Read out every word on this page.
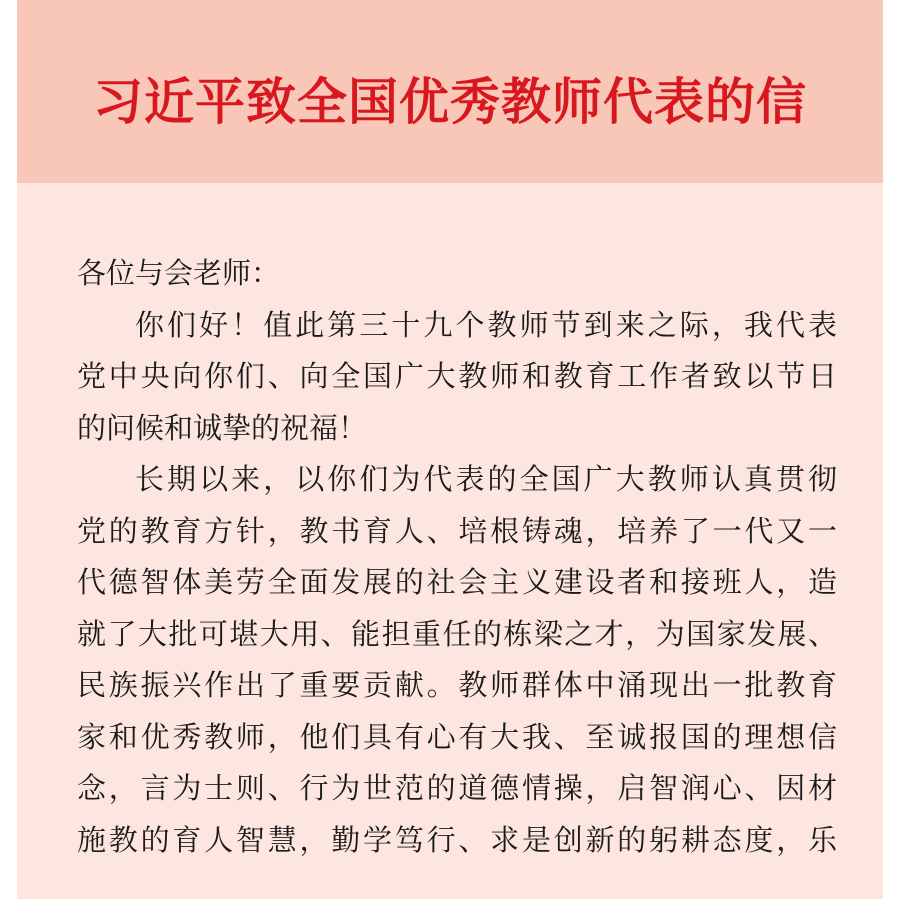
习近平致全国优秀教师代表的信
各位与会老师：
你们好！值此第三十九个教师节到来之际，我代表
党中央向你们、向全国广大教师和教育工作者致以节日
的问候和诚挚的祝福！
长期以来，以你们为代表的全国广大教师认真贯彻
党的教育方针，教书育人、培根铸魂，培养了一代又一
代德智体美劳全面发展的社会主义建设者和接班人，造
就了大批可堪大用、能担重任的栋梁之才，为国家发展、
民族振兴作出了重要贡献。教师群体中涌现出一批教育
家和优秀教师，他们具有心有大我、至诚报国的理想信
念，言为士则、行为世范的道德情操，启智润心、因材
施教的育人智慧，勤学笃行、求是创新的躬耕态度，乐
